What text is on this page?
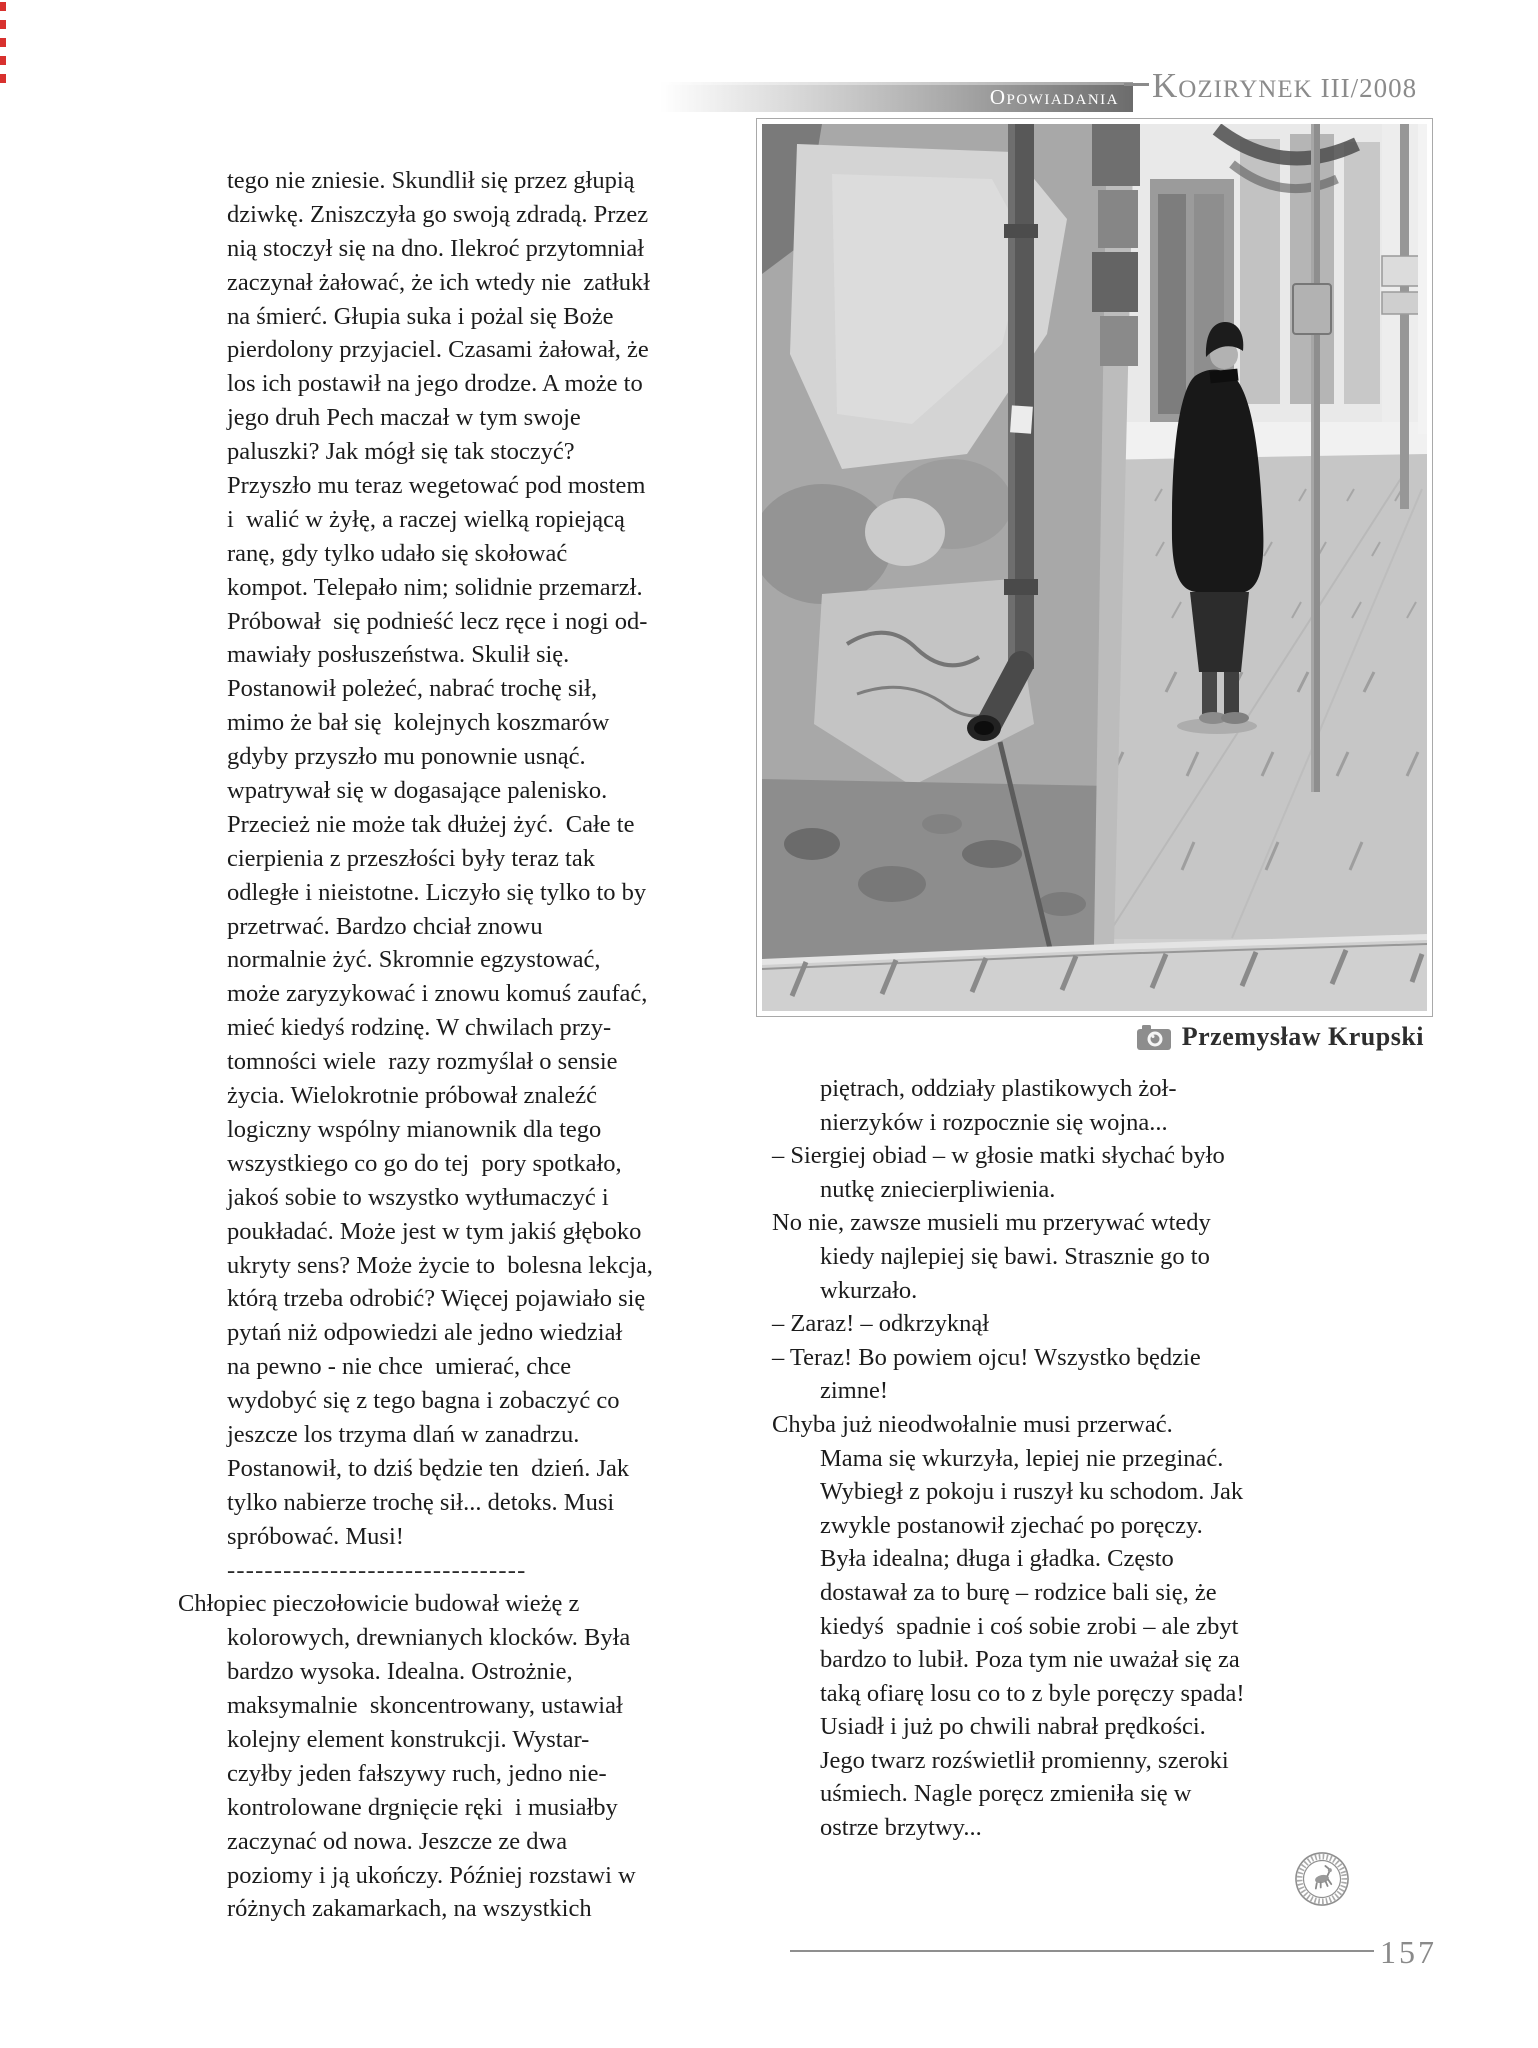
Opowiadania Kozirynek III/2008
tego nie zniesie. Skundlił się przez głupią
dziwkę. Zniszczyła go swoją zdradą. Przez
nią stoczył się na dno. Ilekroć przytomniał
zaczynał żałować, że ich wtedy nie  zatłukł
na śmierć. Głupia suka i pożal się Boże
pierdolony przyjaciel. Czasami żałował, że
los ich postawił na jego drodze. A może to
jego druh Pech maczał w tym swoje
paluszki? Jak mógł się tak stoczyć?
Przyszło mu teraz wegetować pod mostem
i  walić w żyłę, a raczej wielką ropiejącą
ranę, gdy tylko udało się skołować
kompot. Telepało nim; solidnie przemarzł.
Próbował  się podnieść lecz ręce i nogi od-
mawiały posłuszeństwa. Skulił się.
Postanowił poleżeć, nabrać trochę sił,
mimo że bał się  kolejnych koszmarów
gdyby przyszło mu ponownie usnąć.
wpatrywał się w dogasające palenisko.
Przecież nie może tak dłużej żyć.  Całe te
cierpienia z przeszłości były teraz tak
odległe i nieistotne. Liczyło się tylko to by
przetrwać. Bardzo chciał znowu
normalnie żyć. Skromnie egzystować,
może zaryzykować i znowu komuś zaufać,
mieć kiedyś rodzinę. W chwilach przy-
tomności wiele  razy rozmyślał o sensie
życia. Wielokrotnie próbował znaleźć
logiczny wspólny mianownik dla tego
wszystkiego co go do tej  pory spotkało,
jakoś sobie to wszystko wytłumaczyć i
poukładać. Może jest w tym jakiś głęboko
ukryty sens? Może życie to  bolesna lekcja,
którą trzeba odrobić? Więcej pojawiało się
pytań niż odpowiedzi ale jedno wiedział
na pewno - nie chce  umierać, chce
wydobyć się z tego bagna i zobaczyć co
jeszcze los trzyma dlań w zanadrzu.
Postanowił, to dziś będzie ten  dzień. Jak
tylko nabierze trochę sił... detoks. Musi
spróbować. Musi!
--------------------------------
Chłopiec pieczołowicie budował wieżę z
kolorowych, drewnianych klocków. Była
bardzo wysoka. Idealna. Ostrożnie,
maksymalnie  skoncentrowany, ustawiał
kolejny element konstrukcji. Wystar-
czyłby jeden fałszywy ruch, jedno nie-
kontrolowane drgnięcie ręki  i musiałby
zaczynać od nowa. Jeszcze ze dwa
poziomy i ją ukończy. Później rozstawi w
różnych zakamarkach, na wszystkich
Przemysław Krupski
piętrach, oddziały plastikowych żoł-
nierzyków i rozpocznie się wojna...
– Siergiej obiad – w głosie matki słychać było
nutkę zniecierpliwienia.
No nie, zawsze musieli mu przerywać wtedy
kiedy najlepiej się bawi. Strasznie go to
wkurzało.
– Zaraz! – odkrzyknął
– Teraz! Bo powiem ojcu! Wszystko będzie
zimne!
Chyba już nieodwołalnie musi przerwać.
Mama się wkurzyła, lepiej nie przeginać.
Wybiegł z pokoju i ruszył ku schodom. Jak
zwykle postanowił zjechać po poręczy.
Była idealna; długa i gładka. Często
dostawał za to burę – rodzice bali się, że
kiedyś  spadnie i coś sobie zrobi – ale zbyt
bardzo to lubił. Poza tym nie uważał się za
taką ofiarę losu co to z byle poręczy spada!
Usiadł i już po chwili nabrał prędkości.
Jego twarz rozświetlił promienny, szeroki
uśmiech. Nagle poręcz zmieniła się w
ostrze brzytwy...
157
